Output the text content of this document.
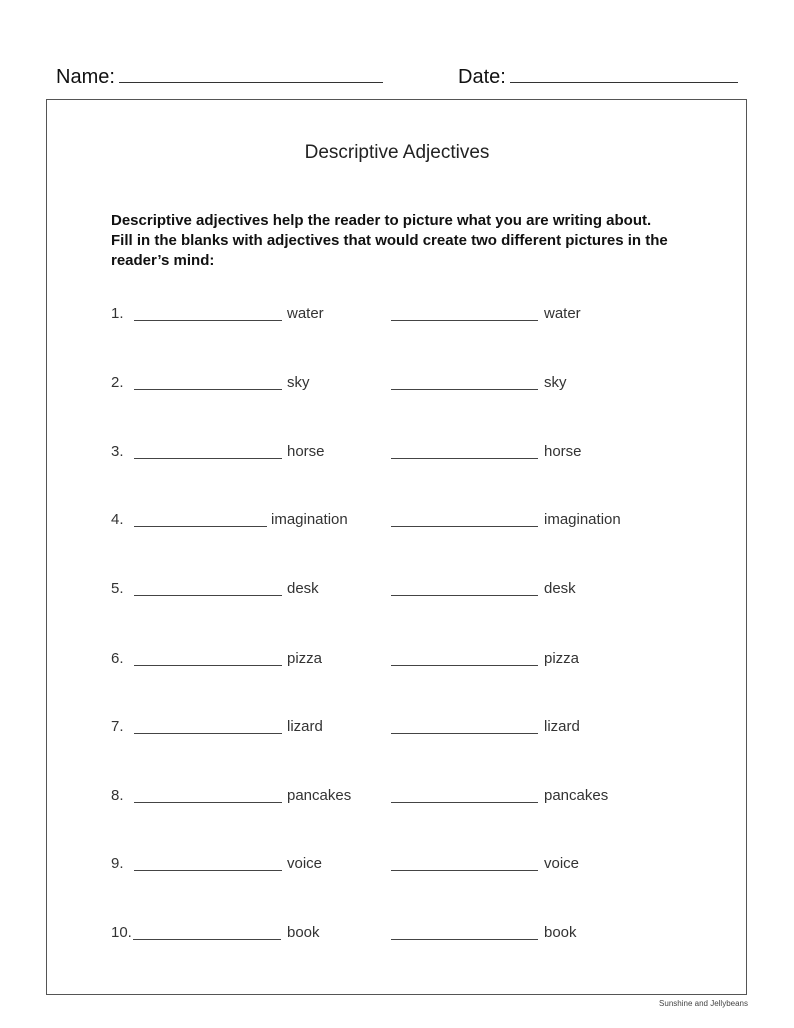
Name:	Date:
Descriptive Adjectives
Descriptive adjectives help the reader to picture what you are writing about. Fill in the blanks with adjectives that would create two different pictures in the reader’s mind:
1.	water	water
2.	sky	sky
3.	horse	horse
4.	imagination	imagination
5.	desk	desk
6.	pizza	pizza
7.	lizard	lizard
8.	pancakes	pancakes
9.	voice	voice
10.	book	book
Sunshine and Jellybeans
